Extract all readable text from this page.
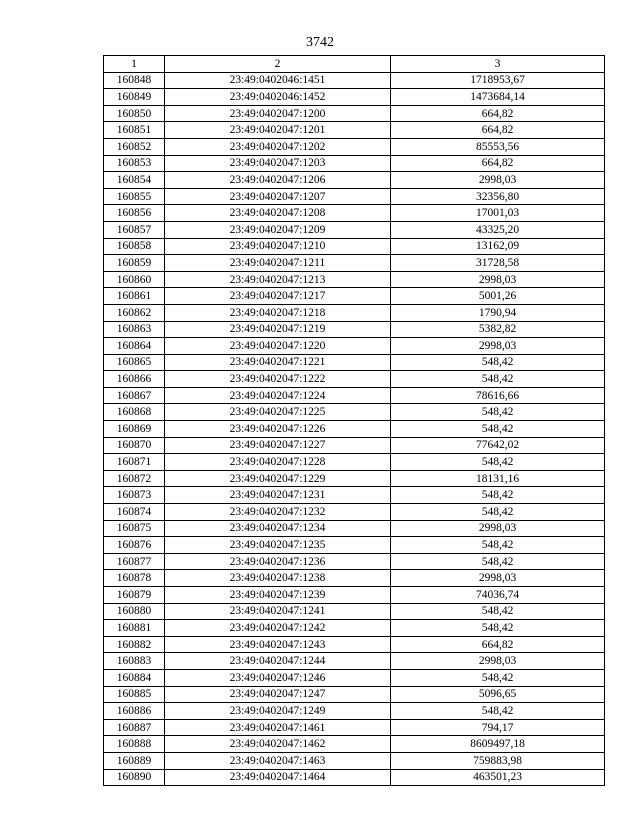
3742
1	2	3
160848	23:49:0402046:1451	1718953,67
160849	23:49:0402046:1452	1473684,14
160850	23:49:0402047:1200	664,82
160851	23:49:0402047:1201	664,82
160852	23:49:0402047:1202	85553,56
160853	23:49:0402047:1203	664,82
160854	23:49:0402047:1206	2998,03
160855	23:49:0402047:1207	32356,80
160856	23:49:0402047:1208	17001,03
160857	23:49:0402047:1209	43325,20
160858	23:49:0402047:1210	13162,09
160859	23:49:0402047:1211	31728,58
160860	23:49:0402047:1213	2998,03
160861	23:49:0402047:1217	5001,26
160862	23:49:0402047:1218	1790,94
160863	23:49:0402047:1219	5382,82
160864	23:49:0402047:1220	2998,03
160865	23:49:0402047:1221	548,42
160866	23:49:0402047:1222	548,42
160867	23:49:0402047:1224	78616,66
160868	23:49:0402047:1225	548,42
160869	23:49:0402047:1226	548,42
160870	23:49:0402047:1227	77642,02
160871	23:49:0402047:1228	548,42
160872	23:49:0402047:1229	18131,16
160873	23:49:0402047:1231	548,42
160874	23:49:0402047:1232	548,42
160875	23:49:0402047:1234	2998,03
160876	23:49:0402047:1235	548,42
160877	23:49:0402047:1236	548,42
160878	23:49:0402047:1238	2998,03
160879	23:49:0402047:1239	74036,74
160880	23:49:0402047:1241	548,42
160881	23:49:0402047:1242	548,42
160882	23:49:0402047:1243	664,82
160883	23:49:0402047:1244	2998,03
160884	23:49:0402047:1246	548,42
160885	23:49:0402047:1247	5096,65
160886	23:49:0402047:1249	548,42
160887	23:49:0402047:1461	794,17
160888	23:49:0402047:1462	8609497,18
160889	23:49:0402047:1463	759883,98
160890	23:49:0402047:1464	463501,23
